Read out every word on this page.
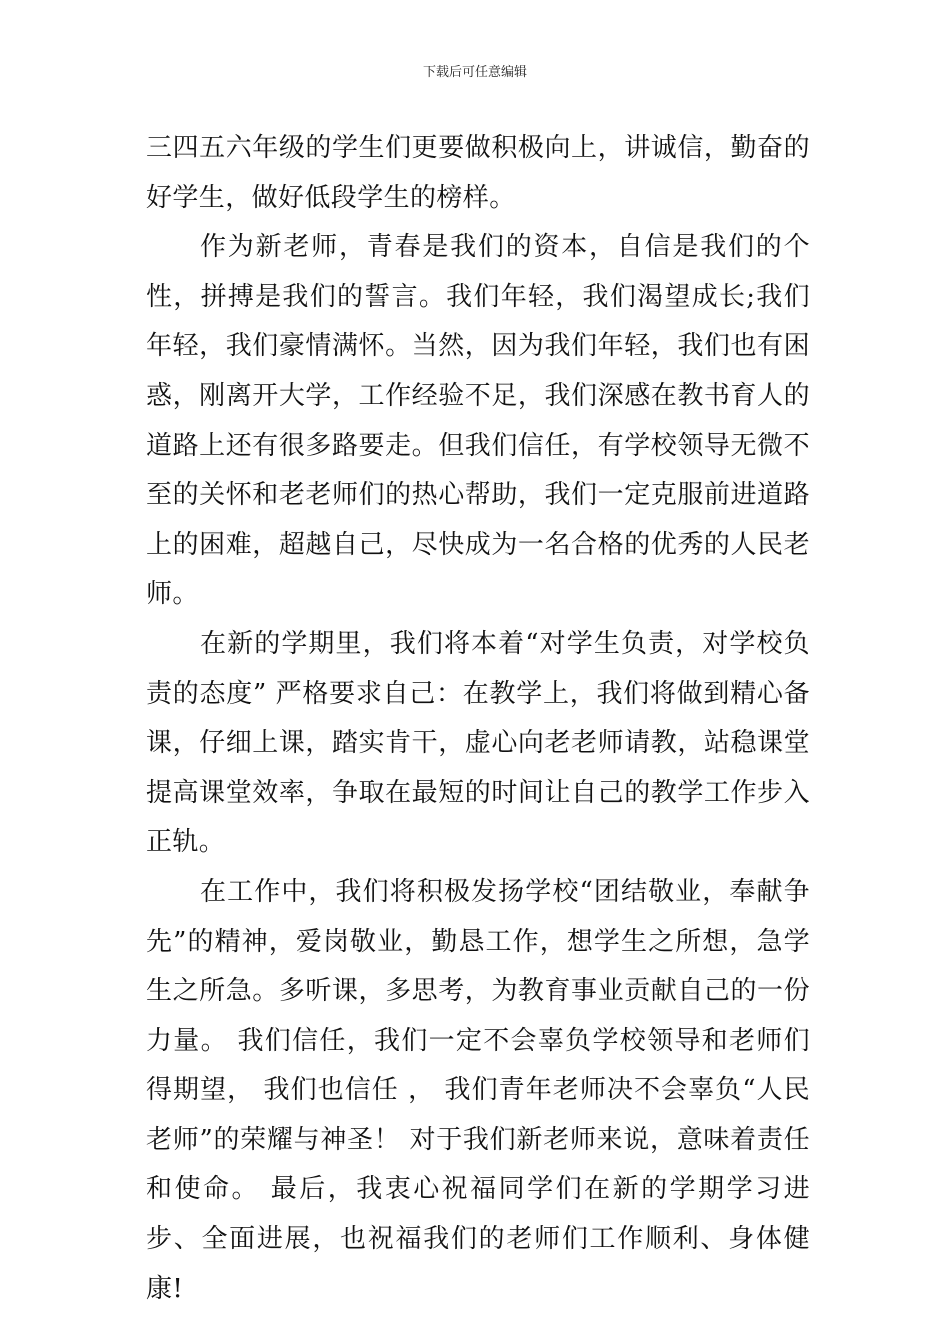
下载后可任意编辑

三四五六年级的学生们更要做积极向上，讲诚信，勤奋的好学生，做好低段学生的榜样。

作为新老师，青春是我们的资本，自信是我们的个性，拼搏是我们的誓言。我们年轻，我们渴望成长;我们年轻，我们豪情满怀。当然，因为我们年轻，我们也有困惑，刚离开大学，工作经验不足，我们深感在教书育人的道路上还有很多路要走。但我们信任，有学校领导无微不至的关怀和老老师们的热心帮助，我们一定克服前进道路上的困难，超越自己，尽快成为一名合格的优秀的人民老师。

在新的学期里，我们将本着“对学生负责，对学校负责的态度” 严格要求自己：在教学上，我们将做到精心备课，仔细上课，踏实肯干，虚心向老老师请教，站稳课堂提高课堂效率，争取在最短的时间让自己的教学工作步入正轨。

在工作中，我们将积极发扬学校“团结敬业，奉献争先”的精神，爱岗敬业，勤恳工作，想学生之所想，急学生之所急。多听课，多思考，为教育事业贡献自己的一份力量。 我们信任，我们一定不会辜负学校领导和老师们得期望， 我们也信任 ， 我们青年老师决不会辜负“人民老师”的荣耀与神圣！ 对于我们新老师来说，意味着责任和使命。 最后，我衷心祝福同学们在新的学期学习进步、全面进展，也祝福我们的老师们工作顺利、身体健康!
